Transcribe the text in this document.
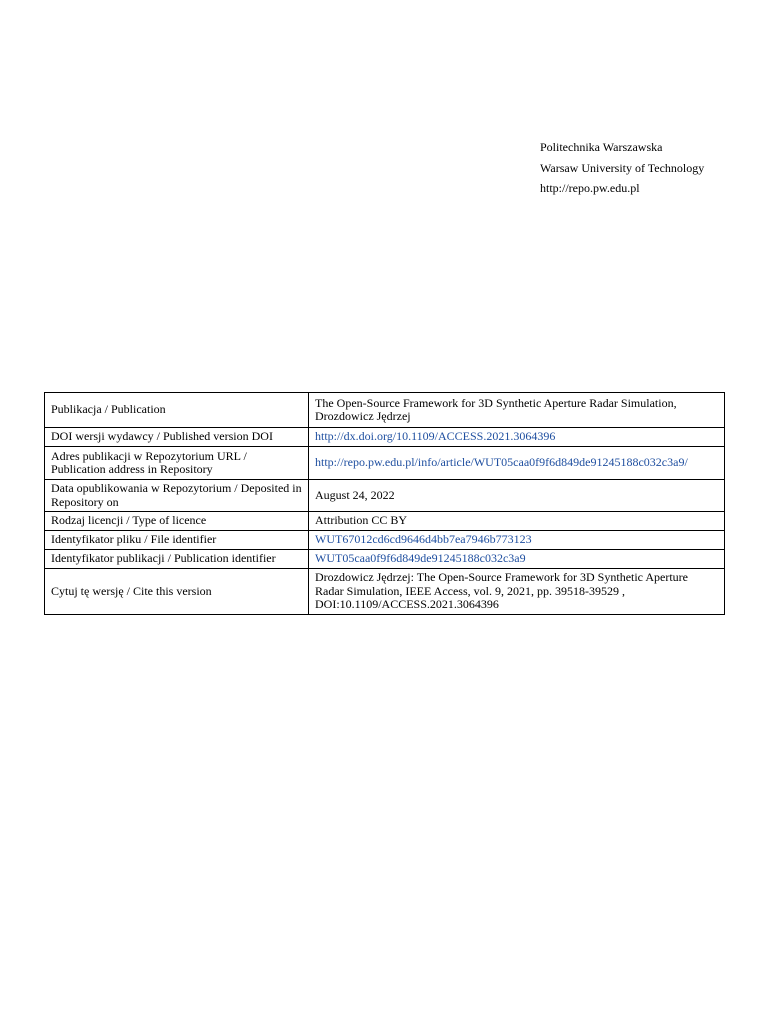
Politechnika Warszawska
Warsaw University of Technology
http://repo.pw.edu.pl
Publikacja / Publication	The Open-Source Framework for 3D Synthetic Aperture Radar Simulation, Drozdowicz Jędrzej
DOI wersji wydawcy / Published version DOI	http://dx.doi.org/10.1109/ACCESS.2021.3064396
Adres publikacji w Repozytorium URL / Publication address in Repository	http://repo.pw.edu.pl/info/article/WUT05caa0f9f6d849de91245188c032c3a9/
Data opublikowania w Repozytorium / Deposited in Repository on	August 24, 2022
Rodzaj licencji / Type of licence	Attribution CC BY
Identyfikator pliku / File identifier	WUT67012cd6cd9646d4bb7ea7946b773123
Identyfikator publikacji / Publication identifier	WUT05caa0f9f6d849de91245188c032c3a9
Cytuj tę wersję / Cite this version	Drozdowicz Jędrzej: The Open-Source Framework for 3D Synthetic Aperture Radar Simulation, IEEE Access, vol. 9, 2021, pp. 39518-39529 , DOI:10.1109/ACCESS.2021.3064396
